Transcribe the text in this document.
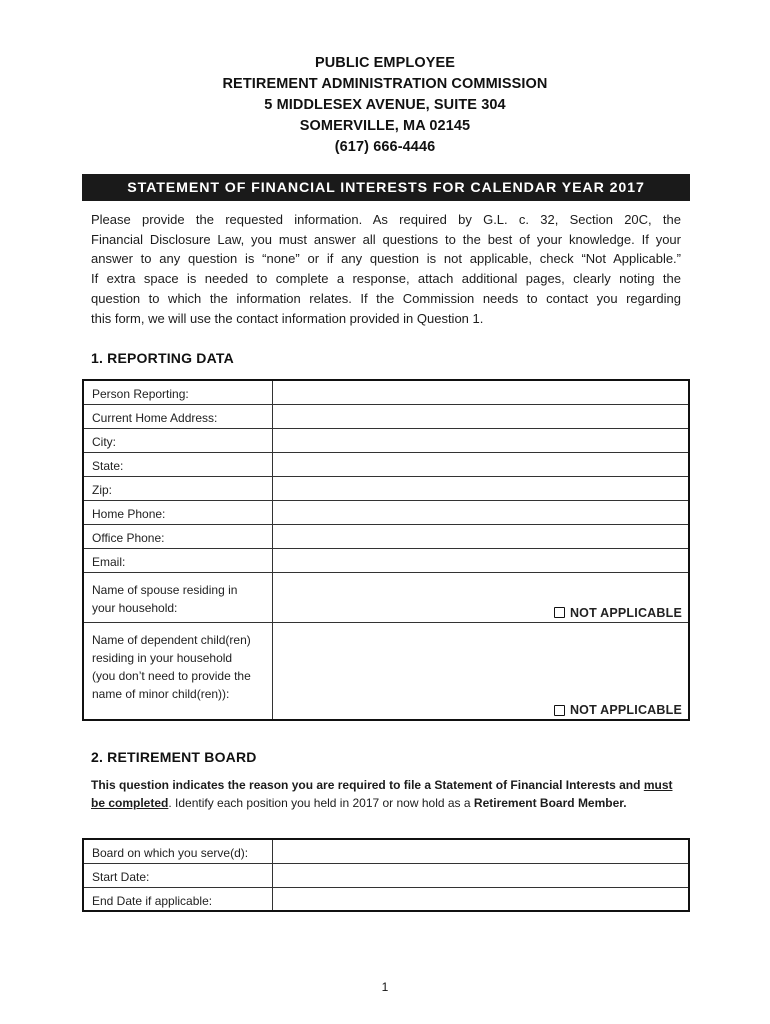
PUBLIC EMPLOYEE
RETIREMENT ADMINISTRATION COMMISSION
5 MIDDLESEX AVENUE, SUITE 304
SOMERVILLE, MA 02145
(617) 666-4446
STATEMENT OF FINANCIAL INTERESTS FOR CALENDAR YEAR 2017
Please provide the requested information. As required by G.L. c. 32, Section 20C, the
Financial Disclosure Law, you must answer all questions to the best of your knowledge. If your
answer to any question is “none” or if any question is not applicable, check “Not Applicable.”
If extra space is needed to complete a response, attach additional pages, clearly noting the
question to which the information relates. If the Commission needs to contact you regarding
this form, we will use the contact information provided in Question 1.
1. REPORTING DATA
Person Reporting:	
Current Home Address:	
City:	
State:	
Zip:	
Home Phone:	
Office Phone:	
Email:	

Name of spouse residing in
your household:	NOT APPLICABLE

Name of dependent child(ren)
residing in your household
(you don’t need to provide the
name of minor child(ren)):	NOT APPLICABLE
2. RETIREMENT BOARD
This question indicates the reason you are required to file a Statement of Financial Interests and must be completed. Identify each position you held in 2017 or now hold as a Retirement Board Member.
Board on which you serve(d):	
Start Date:	
End Date if applicable:	
1
